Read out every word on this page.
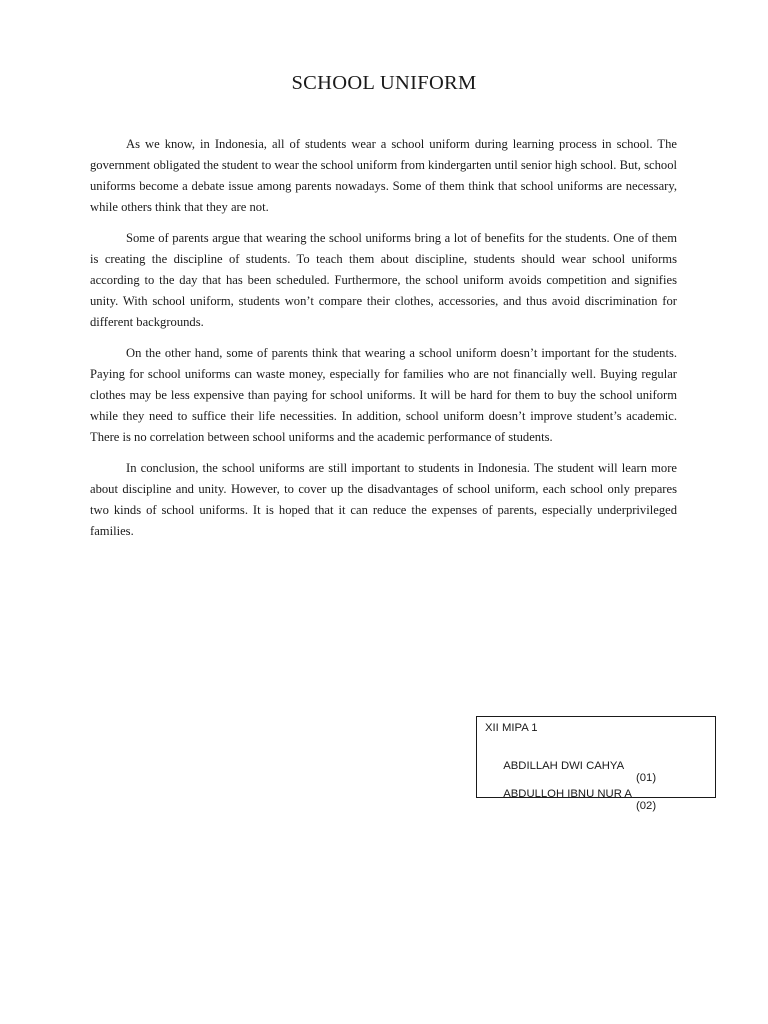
SCHOOL UNIFORM

As we know, in Indonesia, all of students wear a school uniform during learning process in school. The government obligated the student to wear the school uniform from kindergarten until senior high school. But, school uniforms become a debate issue among parents nowadays. Some of them think that school uniforms are necessary, while others think that they are not.

Some of parents argue that wearing the school uniforms bring a lot of benefits for the students. One of them is creating the discipline of students. To teach them about discipline, students should wear school uniforms according to the day that has been scheduled. Furthermore, the school uniform avoids competition and signifies unity. With school uniform, students won’t compare their clothes, accessories, and thus avoid discrimination for different backgrounds.

On the other hand, some of parents think that wearing a school uniform doesn’t important for the students. Paying for school uniforms can waste money, especially for families who are not financially well. Buying regular clothes may be less expensive than paying for school uniforms. It will be hard for them to buy the school uniform while they need to suffice their life necessities. In addition, school uniform doesn’t improve student’s academic. There is no correlation between school uniforms and the academic performance of students.

In conclusion, the school uniforms are still important to students in Indonesia. The student will learn more about discipline and unity. However, to cover up the disadvantages of school uniform, each school only prepares two kinds of school uniforms. It is hoped that it can reduce the expenses of parents, especially underprivileged families.

XII MIPA 1

ABDILLAH DWI CAHYA

(01)

ABDULLOH IBNU NUR A

(02)
